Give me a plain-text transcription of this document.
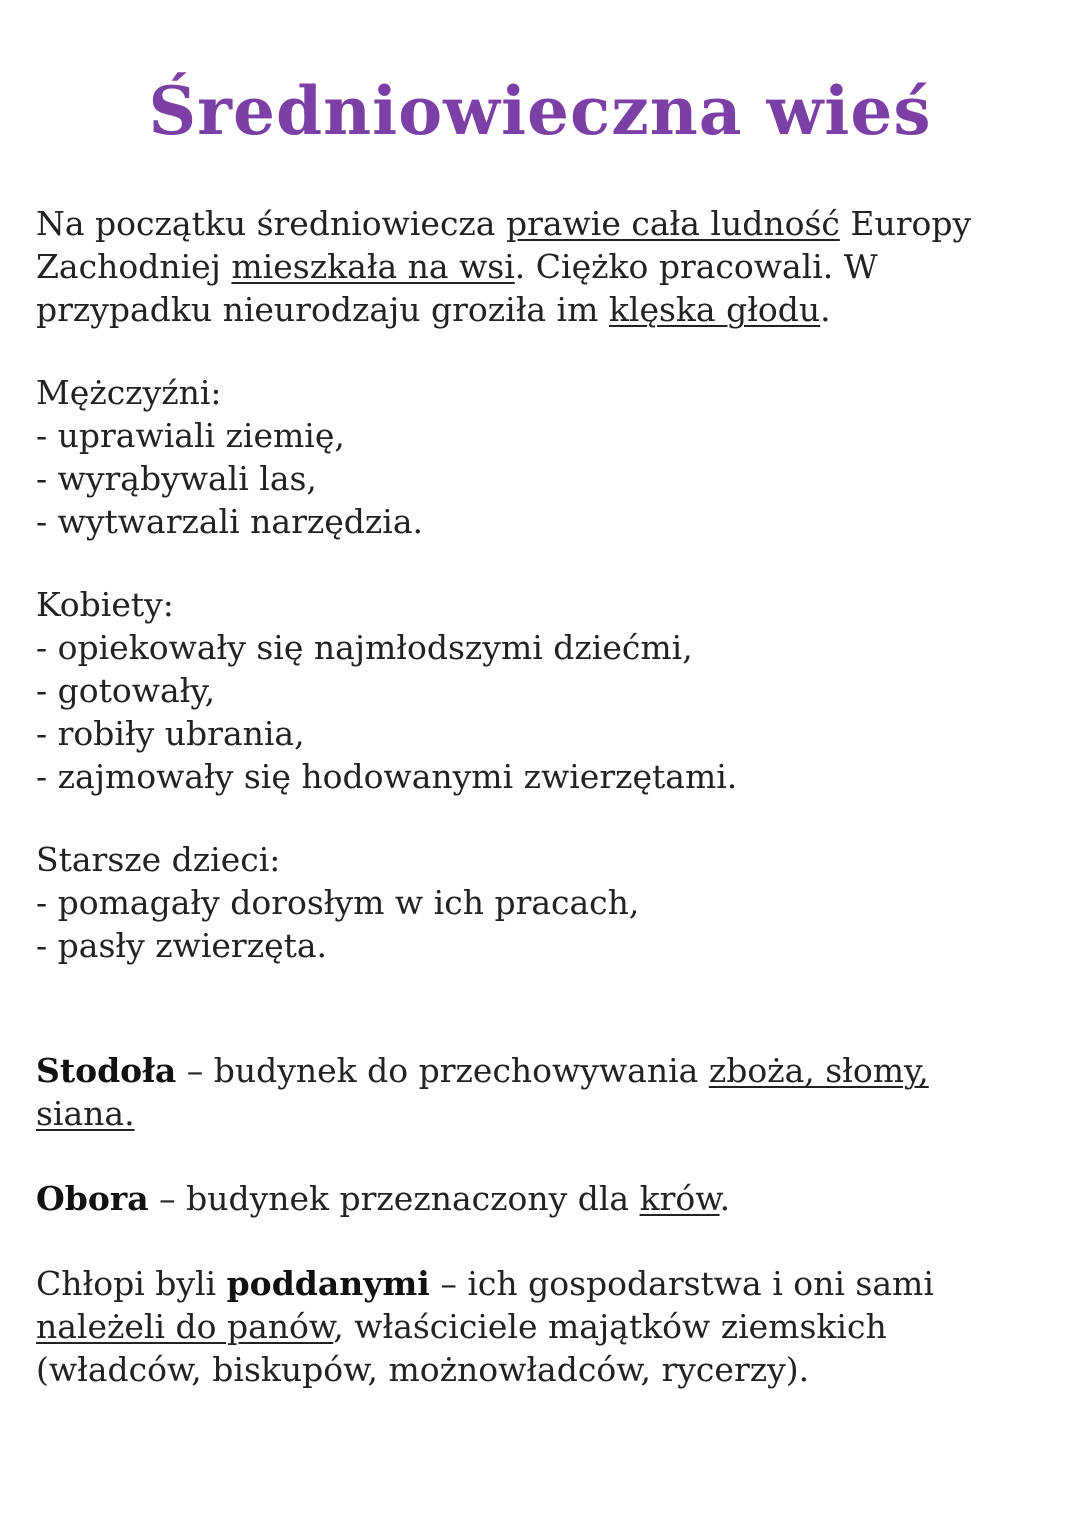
Średniowieczna wieś
Na początku średniowiecza prawie cała ludność Europy
Zachodniej mieszkała na wsi. Ciężko pracowali. W
przypadku nieurodzaju groziła im klęska głodu.
Mężczyźni:
- uprawiali ziemię,
- wyrąbywali las,
- wytwarzali narzędzia.
Kobiety:
- opiekowały się najmłodszymi dziećmi,
- gotowały,
- robiły ubrania,
- zajmowały się hodowanymi zwierzętami.
Starsze dzieci:
- pomagały dorosłym w ich pracach,
- pasły zwierzęta.
Stodoła – budynek do przechowywania zboża, słomy,
siana.
Obora – budynek przeznaczony dla krów.
Chłopi byli poddanymi – ich gospodarstwa i oni sami
należeli do panów, właściciele majątków ziemskich
(władców, biskupów, możnowładców, rycerzy).
